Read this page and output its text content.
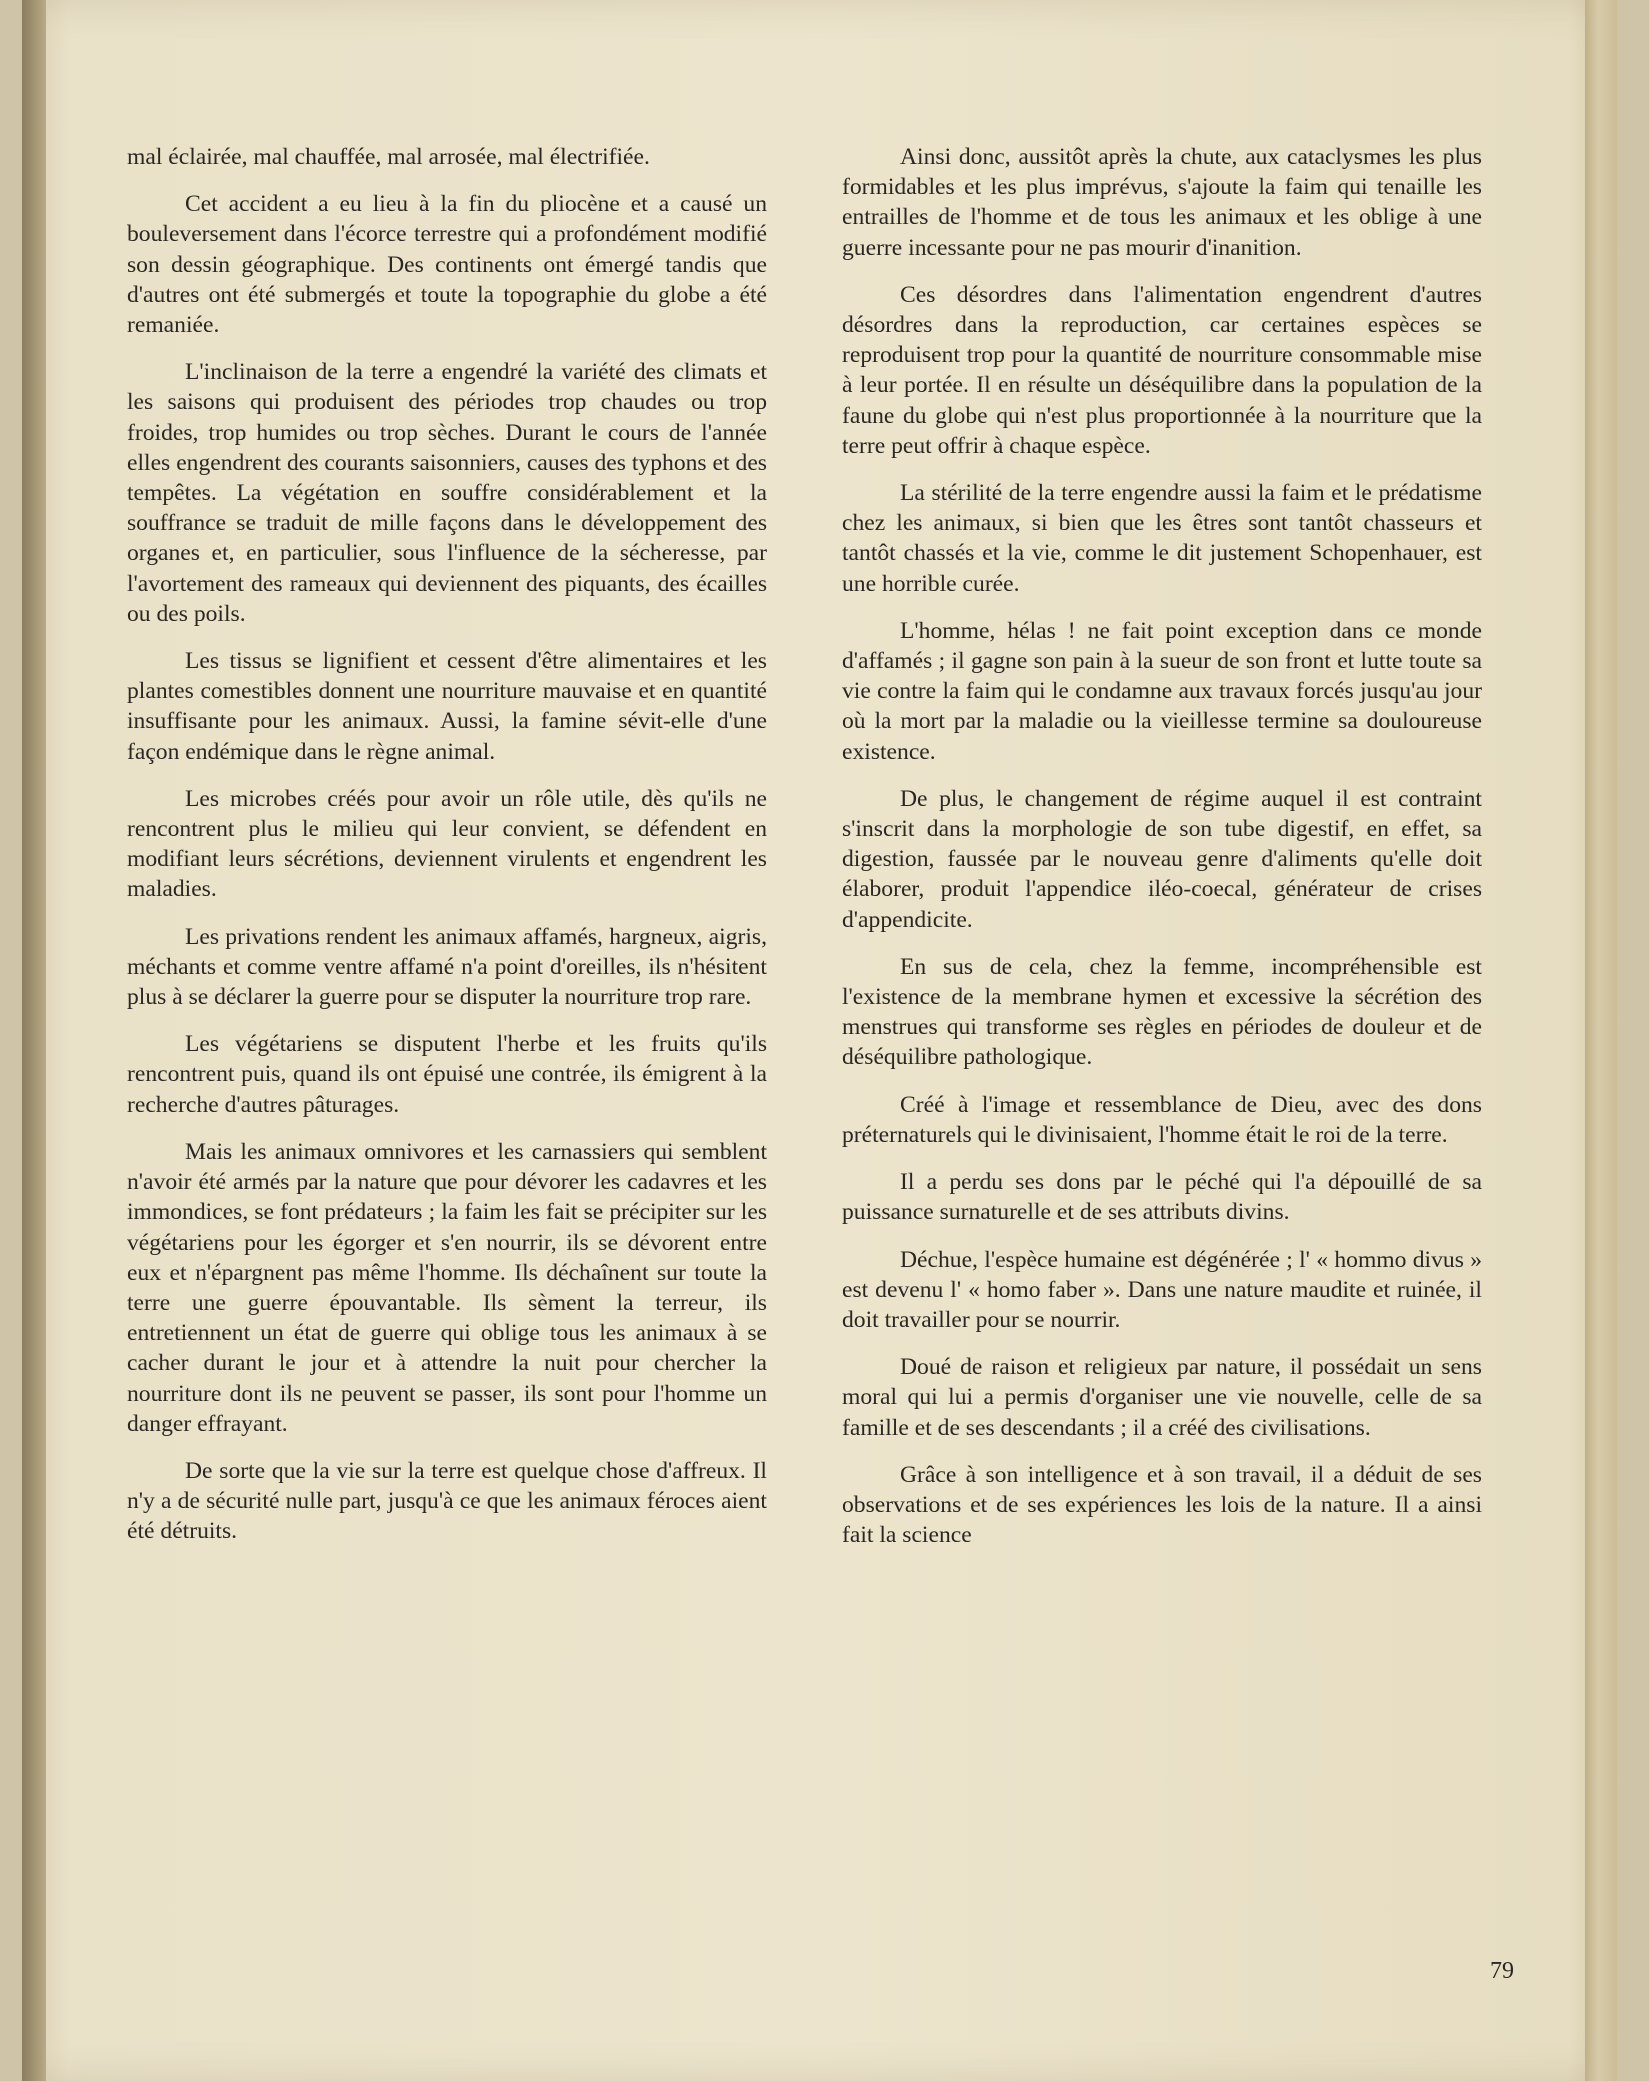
mal éclairée, mal chauffée, mal arrosée, mal électrifiée.

Cet accident a eu lieu à la fin du pliocène et a causé un bouleversement dans l'écorce terrestre qui a profondément modifié son dessin géographique. Des continents ont émergé tandis que d'autres ont été submergés et toute la topographie du globe a été remaniée.

L'inclinaison de la terre a engendré la variété des climats et les saisons qui produisent des périodes trop chaudes ou trop froides, trop humides ou trop sèches. Durant le cours de l'année elles engendrent des courants saisonniers, causes des typhons et des tempêtes. La végétation en souffre considérablement et la souffrance se traduit de mille façons dans le développement des organes et, en particulier, sous l'influence de la sécheresse, par l'avortement des rameaux qui deviennent des piquants, des écailles ou des poils.

Les tissus se lignifient et cessent d'être alimentaires et les plantes comestibles donnent une nourriture mauvaise et en quantité insuffisante pour les animaux. Aussi, la famine sévit-elle d'une façon endémique dans le règne animal.

Les microbes créés pour avoir un rôle utile, dès qu'ils ne rencontrent plus le milieu qui leur convient, se défendent en modifiant leurs sécrétions, deviennent virulents et engendrent les maladies.

Les privations rendent les animaux affamés, hargneux, aigris, méchants et comme ventre affamé n'a point d'oreilles, ils n'hésitent plus à se déclarer la guerre pour se disputer la nourriture trop rare.

Les végétariens se disputent l'herbe et les fruits qu'ils rencontrent puis, quand ils ont épuisé une contrée, ils émigrent à la recherche d'autres pâturages.

Mais les animaux omnivores et les carnassiers qui semblent n'avoir été armés par la nature que pour dévorer les cadavres et les immondices, se font prédateurs ; la faim les fait se précipiter sur les végétariens pour les égorger et s'en nourrir, ils se dévorent entre eux et n'épargnent pas même l'homme. Ils déchaînent sur toute la terre une guerre épouvantable. Ils sèment la terreur, ils entretiennent un état de guerre qui oblige tous les animaux à se cacher durant le jour et à attendre la nuit pour chercher la nourriture dont ils ne peuvent se passer, ils sont pour l'homme un danger effrayant.

De sorte que la vie sur la terre est quelque chose d'affreux. Il n'y a de sécurité nulle part, jusqu'à ce que les animaux féroces aient été détruits.

Ainsi donc, aussitôt après la chute, aux cataclysmes les plus formidables et les plus imprévus, s'ajoute la faim qui tenaille les entrailles de l'homme et de tous les animaux et les oblige à une guerre incessante pour ne pas mourir d'inanition.

Ces désordres dans l'alimentation engendrent d'autres désordres dans la reproduction, car certaines espèces se reproduisent trop pour la quantité de nourriture consommable mise à leur portée. Il en résulte un déséquilibre dans la population de la faune du globe qui n'est plus proportionnée à la nourriture que la terre peut offrir à chaque espèce.

La stérilité de la terre engendre aussi la faim et le prédatisme chez les animaux, si bien que les êtres sont tantôt chasseurs et tantôt chassés et la vie, comme le dit justement Schopenhauer, est une horrible curée.

L'homme, hélas ! ne fait point exception dans ce monde d'affamés ; il gagne son pain à la sueur de son front et lutte toute sa vie contre la faim qui le condamne aux travaux forcés jusqu'au jour où la mort par la maladie ou la vieillesse termine sa douloureuse existence.

De plus, le changement de régime auquel il est contraint s'inscrit dans la morphologie de son tube digestif, en effet, sa digestion, faussée par le nouveau genre d'aliments qu'elle doit élaborer, produit l'appendice iléo-coecal, générateur de crises d'appendicite.

En sus de cela, chez la femme, incompréhensible est l'existence de la membrane hymen et excessive la sécrétion des menstrues qui transforme ses règles en périodes de douleur et de déséquilibre pathologique.

Créé à l'image et ressemblance de Dieu, avec des dons préternaturels qui le divinisaient, l'homme était le roi de la terre.

Il a perdu ses dons par le péché qui l'a dépouillé de sa puissance surnaturelle et de ses attributs divins.

Déchue, l'espèce humaine est dégénérée ; l' « hommo divus » est devenu l' « homo faber ». Dans une nature maudite et ruinée, il doit travailler pour se nourrir.

Doué de raison et religieux par nature, il possédait un sens moral qui lui a permis d'organiser une vie nouvelle, celle de sa famille et de ses descendants ; il a créé des civilisations.

Grâce à son intelligence et à son travail, il a déduit de ses observations et de ses expériences les lois de la nature. Il a ainsi fait la science

79
